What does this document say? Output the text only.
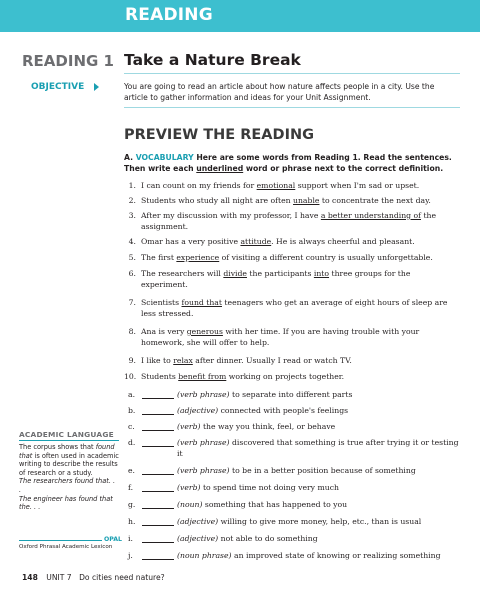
READING
READING 1 Take a Nature Break
OBJECTIVE	You are going to read an article about how nature affects people in a city. Use the article to gather information and ideas for your Unit Assignment.
PREVIEW THE READING
A. VOCABULARY Here are some words from Reading 1. Read the sentences. Then write each underlined word or phrase next to the correct definition.
1. I can count on my friends for emotional support when I'm sad or upset.
2. Students who study all night are often unable to concentrate the next day.
3. After my discussion with my professor, I have a better understanding of the assignment.
4. Omar has a very positive attitude. He is always cheerful and pleasant.
5. The first experience of visiting a different country is usually unforgettable.
6. The researchers will divide the participants into three groups for the experiment.
7. Scientists found that teenagers who get an average of eight hours of sleep are less stressed.
8. Ana is very generous with her time. If you are having trouble with your homework, she will offer to help.
9. I like to relax after dinner. Usually I read or watch TV.
10. Students benefit from working on projects together.
a.	(verb phrase) to separate into different parts
b.	(adjective) connected with people's feelings
c.	(verb) the way you think, feel, or behave
d.	(verb phrase) discovered that something is true after trying it or testing it
e.	(verb phrase) to be in a better position because of something
f.	(verb) to spend time not doing very much
g.	(noun) something that has happened to you
h.	(adjective) willing to give more money, help, etc., than is usual
i.	(adjective) not able to do something
j.	(noun phrase) an improved state of knowing or realizing something
ACADEMIC LANGUAGE
The corpus shows that found that is often used in academic writing to describe the results of research or a study.
The researchers found that. . .
The engineer has found that the. . .
OPAL
Oxford Phrasal Academic Lexicon
148 UNIT 7 Do cities need nature?
